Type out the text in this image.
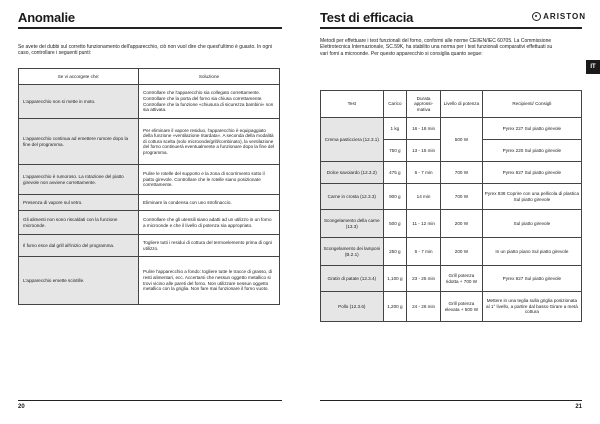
Anomalie
Se avete dei dubbi sul corretto funzionamento dell'apparecchio, ciò non vuol dire che quest'ultimo è guasto. In ogni caso, controllare i seguenti punti:
Se vi accorgete che:	Soluzione
L'apparecchio non si mette in moto.	Controllare che l'apparecchio sia collegato correttamente. Controllare che la porta del forno sia chiusa correttamente. Controllare che la funzione «chiusura di sicurezza bambini» non sia attivata.
L'apparecchio continua ad emettere rumore dopo la fine del programma.	Per eliminare il vapore residuo, l'apparecchio è equipaggiato della funzione «ventilazione ritardata». A seconda della modalità di cottura scelta (solo microonde/grill/combinato), la ventilazione del forno continuerà eventualmente a funzionare dopo la fine del programma.
L'apparecchio è rumoroso. La rotazione del piatto girevole non avviene correttamente.	Pulire le rotelle del supporto e la zona di scorrimento sotto il piatto girevole. Controllare che le rotelle siano posizionate correttamente.
Presenza di vapore sul vetro.	Eliminare la condensa con uno strofinaccio.
Gli alimenti non sono riscaldati con la funzione microonde.	Controllare che gli utensili siano adatti ad un utilizzo in un forno a microonde e che il livello di potenza sia appropriato.
Il fumo esce dal grill all'inizio del programma.	Togliere tutti i residui di cottura del termoelemento prima di ogni utilizzo.
L'apparecchio emette scintille.	Pulire l'apparecchio a fondo: togliere tutte le tracce di grasso, di resti alimentari, ecc. Accertarsi che nessun oggetto metallico si trovi vicino alle pareti del forno. Non utilizzare nessun oggetto metallico con la griglia. Non fare mai funzionare il forno vuoto.
20
Test di efficacia	ARISTON
Metodi per effettuare i test funzionali del forno, conformi alle norme CEI/EN/IEC 60705. La Commissione Elettrotecnica Internazionale, SC.59K, ha stabilito una norma per i test funzionali comparativi effettuati su vari forni a microonde. Per questo apparecchio si consiglia quanto segue:
IT
Test	Carico	Durata approssi-mativa	Livello di potenza	Recipienti/ Consigli
Crema pasticciera (12.3.1)	1 kg	16 - 18 min	500 W	Pyrex 227 Sul piatto girevole
	750 g	13 - 15 min		Pyrex 220 Sul piatto girevole
Dolce savoiardo (12.3.2)	475 g	6 - 7 min	700 W	Pyrex 827 Sul piatto girevole
Carne in crosta (12.3.3)	900 g	14 min	700 W	Pyrex 838 Coprire con una pellicola di plastica Sul piatto girevole
Scongelamento della carne (13.3)	500 g	11 - 12 min	200 W	Sul piatto girevole
Scongelamento dei lamponi (B.2.1)	250 g	6 - 7 min	200 W	In un piatto piano Sul piatto girevole
Gratin di patate (12.3.4)	1,100 g	23 - 25 min	Grill potenza ridotta + 700 W	Pyrex 827 Sul piatto girevole
Pollo (12.3.6)	1,200 g	24 - 26 min	Grill potenza elevata + 500 W	Mettere in una teglia sulla griglia posizionata al 1° livello, a partire dal basso Girare a metà cottura
21
